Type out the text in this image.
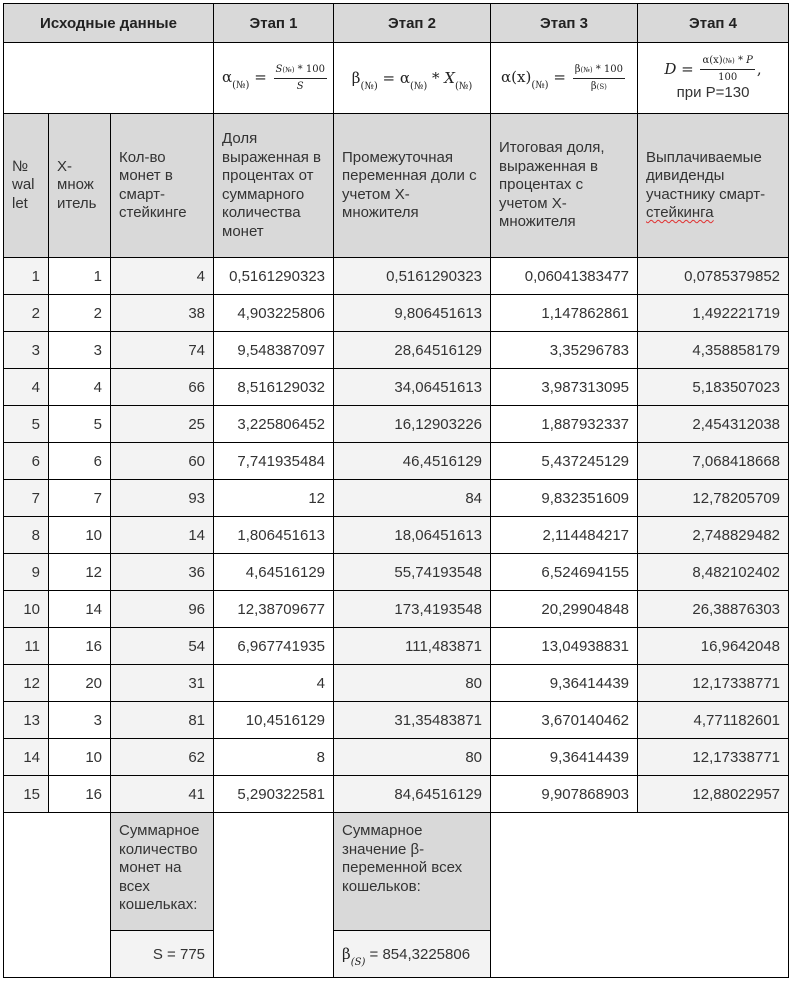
Исходные данные			Этап 1	Этап 2	Этап 3	Этап 4
			$\alpha_{(№)} = \frac{S(№) * 100}{S}$	$\beta_{(№)} = \alpha_{(№)} * X_{(№)}$	$\alpha(x)_{(№)} = \frac{\beta(№) * 100}{\beta(S)}$	$D = \frac{\alpha(x)(№) * P}{100}$ ,
при P=130
№ wal let	X-множ итель	Кол-во монет в смарт-стейкинге	Доля выраженная в процентах от суммарного количества монет	Промежуточная переменная доли с учетом X-множителя	Итоговая доля, выраженная в процентах с учетом X-множителя	Выплачиваемые дивиденды участнику смарт-стейкинга
1	1	4	0,5161290323	0,5161290323	0,06041383477	0,0785379852
2	2	38	4,903225806	9,806451613	1,147862861	1,492221719
3	3	74	9,548387097	28,64516129	3,35296783	4,358858179
4	4	66	8,516129032	34,06451613	3,987313095	5,183507023
5	5	25	3,225806452	16,12903226	1,887932337	2,454312038
6	6	60	7,741935484	46,4516129	5,437245129	7,068418668
7	7	93	12	84	9,832351609	12,78205709
8	10	14	1,806451613	18,06451613	2,114484217	2,748829482
9	12	36	4,64516129	55,74193548	6,524694155	8,482102402
10	14	96	12,38709677	173,4193548	20,29904848	26,38876303
11	16	54	6,967741935	111,483871	13,04938831	16,9642048
12	20	31	4	80	9,36414439	12,17338771
13	3	81	10,4516129	31,35483871	3,670140462	4,771182601
14	10	62	8	80	9,36414439	12,17338771
15	16	41	5,290322581	84,64516129	9,907868903	12,88022957
		Суммарное количество монет на всех кошельках:		Суммарное значение β-переменной всех кошельков:		
		S = 775		$\beta_{(S)} = 854,3225806$		
